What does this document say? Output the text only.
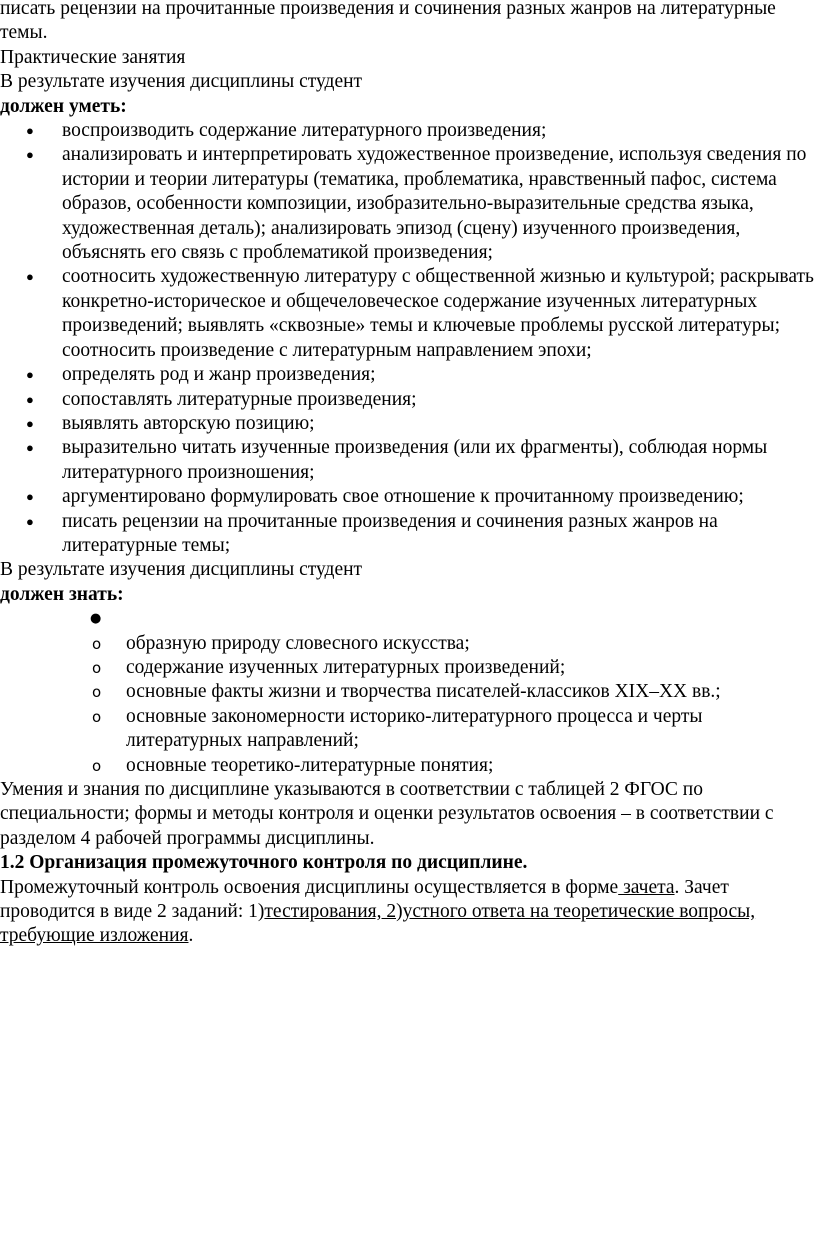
писать рецензии на прочитанные произведения и сочинения разных жанров на литературные темы.

Практические занятия

В результате изучения дисциплины студент

должен уметь:

● воспроизводить содержание литературного произведения;
● анализировать и интерпретировать художественное произведение, используя сведения по истории и теории литературы (тематика, проблематика, нравственный пафос, система образов, особенности композиции, изобразительно-выразительные средства языка, художественная деталь); анализировать эпизод (сцену) изученного произведения, объяснять его связь с проблематикой произведения;
● соотносить художественную литературу с общественной жизнью и культурой; раскрывать конкретно-историческое и общечеловеческое содержание изученных литературных произведений; выявлять «сквозные» темы и ключевые проблемы русской литературы; соотносить произведение с литературным направлением эпохи;
● определять род и жанр произведения;
● сопоставлять литературные произведения;
● выявлять авторскую позицию;
● выразительно читать изученные произведения (или их фрагменты), соблюдая нормы литературного произношения;
● аргументировано формулировать свое отношение к прочитанному произведению;
● писать рецензии на прочитанные произведения и сочинения разных жанров на литературные темы;

В результате изучения дисциплины студент

должен знать:

●
o образную природу словесного искусства;
o содержание изученных литературных произведений;
o основные факты жизни и творчества писателей-классиков XIX–XX вв.;
o основные закономерности историко-литературного процесса и черты литературных направлений;
o основные теоретико-литературные понятия;

Умения и знания по дисциплине указываются в соответствии с таблицей 2 ФГОС по специальности; формы и методы контроля и оценки результатов освоения – в соответствии с разделом 4 рабочей программы дисциплины.

1.2 Организация промежуточного контроля по дисциплине.

Промежуточный контроль освоения дисциплины осуществляется в форме зачета. Зачет проводится в виде 2 заданий: 1)тестирования, 2)устного ответа на теоретические вопросы, требующие изложения.
